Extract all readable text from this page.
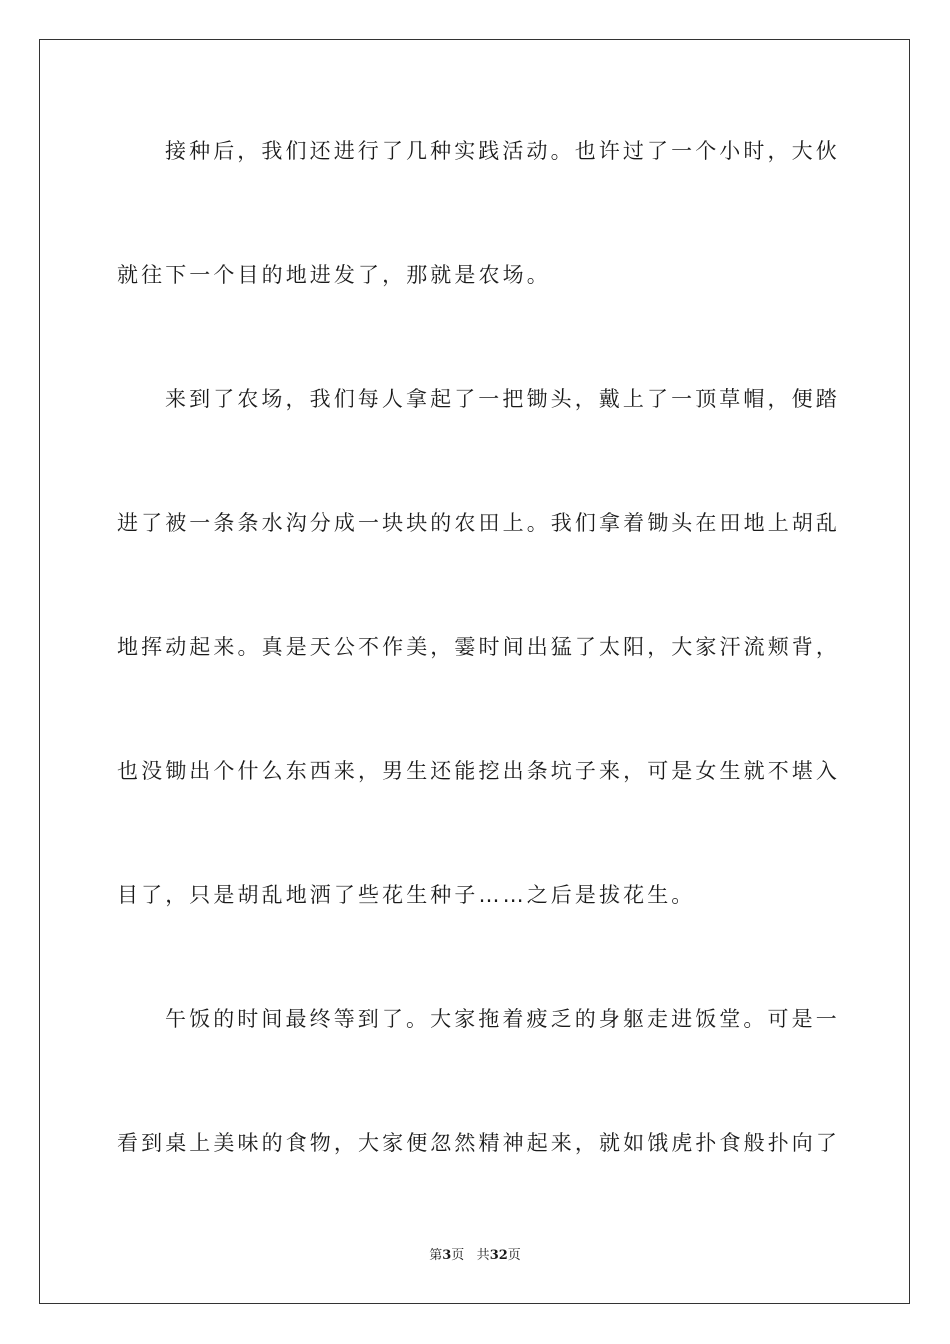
接种后，我们还进行了几种实践活动。也许过了一个小时，大伙
就往下一个目的地进发了，那就是农场。
来到了农场，我们每人拿起了一把锄头，戴上了一顶草帽，便踏
进了被一条条水沟分成一块块的农田上。我们拿着锄头在田地上胡乱
地挥动起来。真是天公不作美，霎时间出猛了太阳，大家汗流颊背，
也没锄出个什么东西来，男生还能挖出条坑子来，可是女生就不堪入
目了，只是胡乱地洒了些花生种子……之后是拔花生。
午饭的时间最终等到了。大家拖着疲乏的身躯走进饭堂。可是一
看到桌上美味的食物，大家便忽然精神起来，就如饿虎扑食般扑向了
第3页 共32页
